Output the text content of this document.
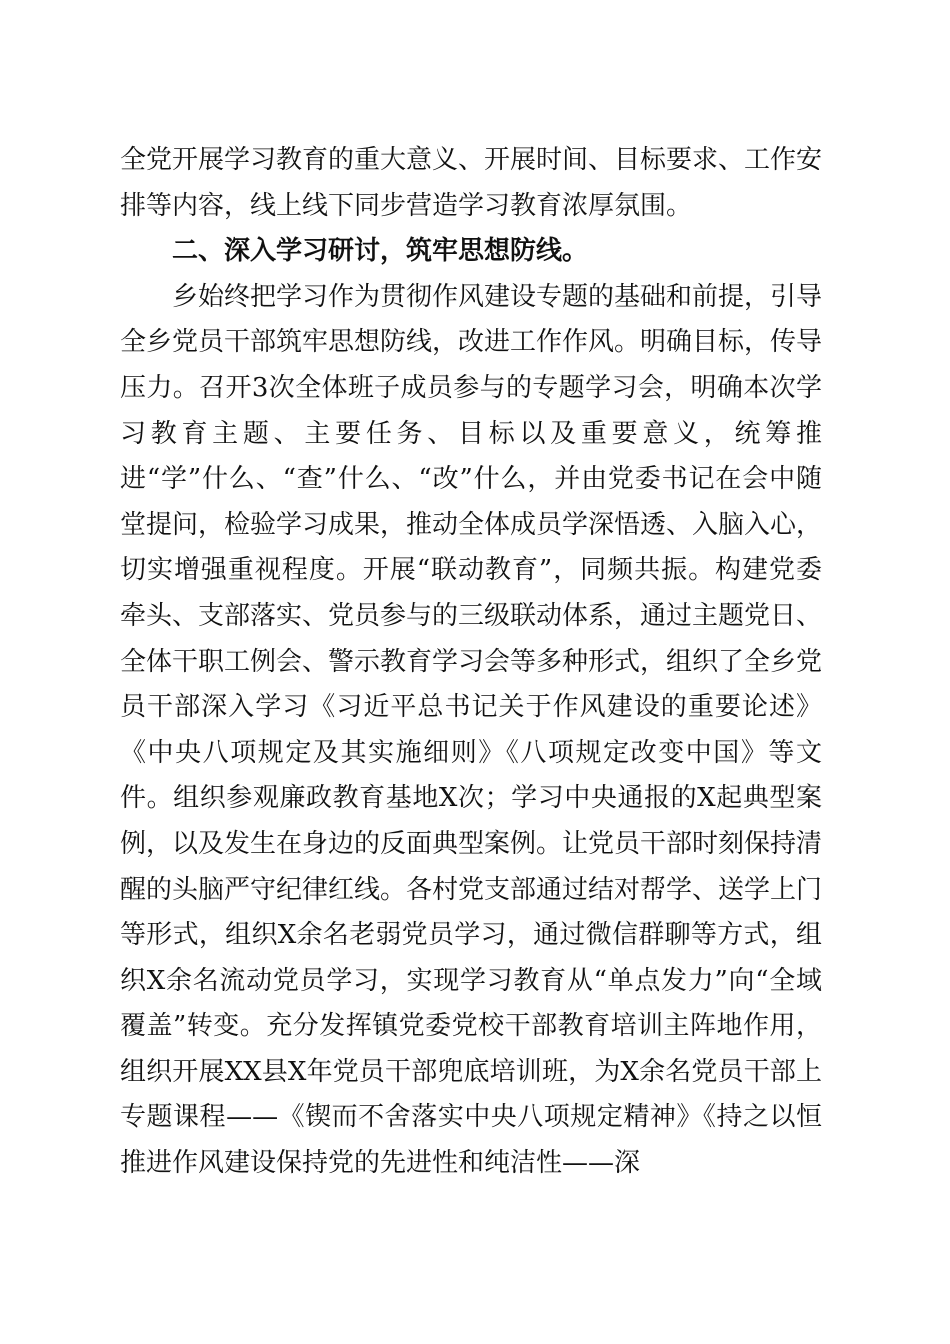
全党开展学习教育的重大意义、开展时间、目标要求、工作安排等内容，线上线下同步营造学习教育浓厚氛围。

二、深入学习研讨，筑牢思想防线。

乡始终把学习作为贯彻作风建设专题的基础和前提，引导全乡党员干部筑牢思想防线，改进工作作风。明确目标，传导压力。召开3次全体班子成员参与的专题学习会，明确本次学习教育主题、主要任务、目标以及重要意义，统筹推进“学”什么、“查”什么、“改”什么，并由党委书记在会中随堂提问，检验学习成果，推动全体成员学深悟透、入脑入心，切实增强重视程度。开展“联动教育”，同频共振。构建党委牵头、支部落实、党员参与的三级联动体系，通过主题党日、全体干职工例会、警示教育学习会等多种形式，组织了全乡党员干部深入学习《习近平总书记关于作风建设的重要论述》《中央八项规定及其实施细则》《八项规定改变中国》等文件。组织参观廉政教育基地X次；学习中央通报的X起典型案例，以及发生在身边的反面典型案例。让党员干部时刻保持清醒的头脑严守纪律红线。各村党支部通过结对帮学、送学上门等形式，组织X余名老弱党员学习，通过微信群聊等方式，组织X余名流动党员学习，实现学习教育从“单点发力”向“全域覆盖”转变。充分发挥镇党委党校干部教育培训主阵地作用，组织开展XX县X年党员干部兜底培训班，为X余名党员干部上专题课程——《锲而不舍落实中央八项规定精神》《持之以恒推进作风建设保持党的先进性和纯洁性——深
